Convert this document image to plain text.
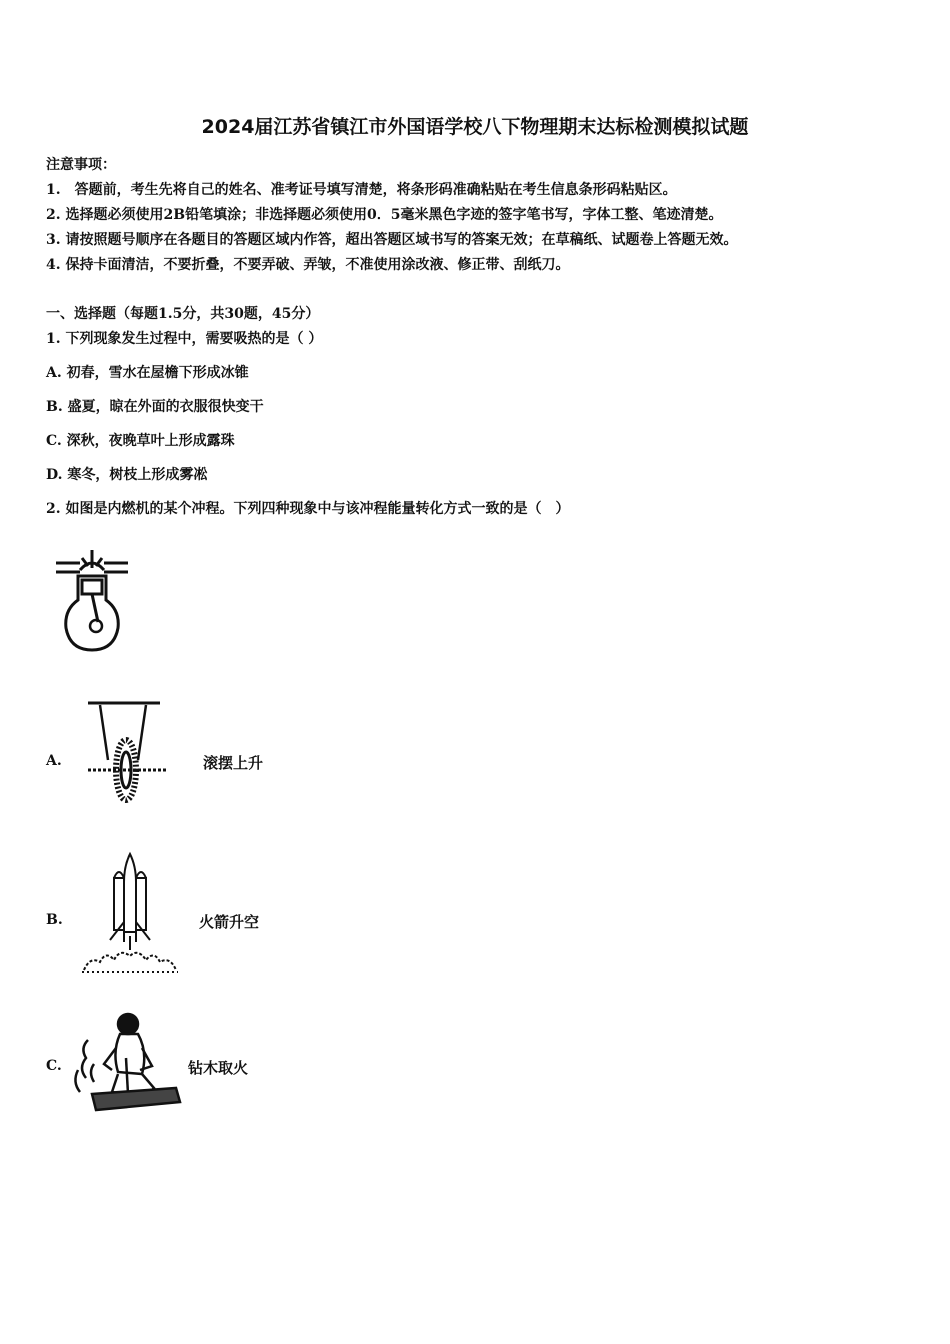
2024届江苏省镇江市外国语学校八下物理期末达标检测模拟试题
注意事项：
1.　答题前，考生先将自己的姓名、准考证号填写清楚，将条形码准确粘贴在考生信息条形码粘贴区。
2. 选择题必须使用2B铅笔填涂；非选择题必须使用0．5毫米黑色字迹的签字笔书写，字体工整、笔迹清楚。
3. 请按照题号顺序在各题目的答题区域内作答，超出答题区域书写的答案无效；在草稿纸、试题卷上答题无效。
4. 保持卡面清洁，不要折叠，不要弄破、弄皱，不准使用涂改液、修正带、刮纸刀。
一、选择题（每题1.5分，共30题，45分）
1. 下列现象发生过程中，需要吸热的是（ ）
A. 初春，雪水在屋檐下形成冰锥
B. 盛夏，晾在外面的衣服很快变干
C. 深秋，夜晚草叶上形成露珠
D. 寒冬，树枝上形成雾凇
2. 如图是内燃机的某个冲程。下列四种现象中与该冲程能量转化方式一致的是（　）
A.	滚摆上升
B.	火箭升空
C.	钻木取火
